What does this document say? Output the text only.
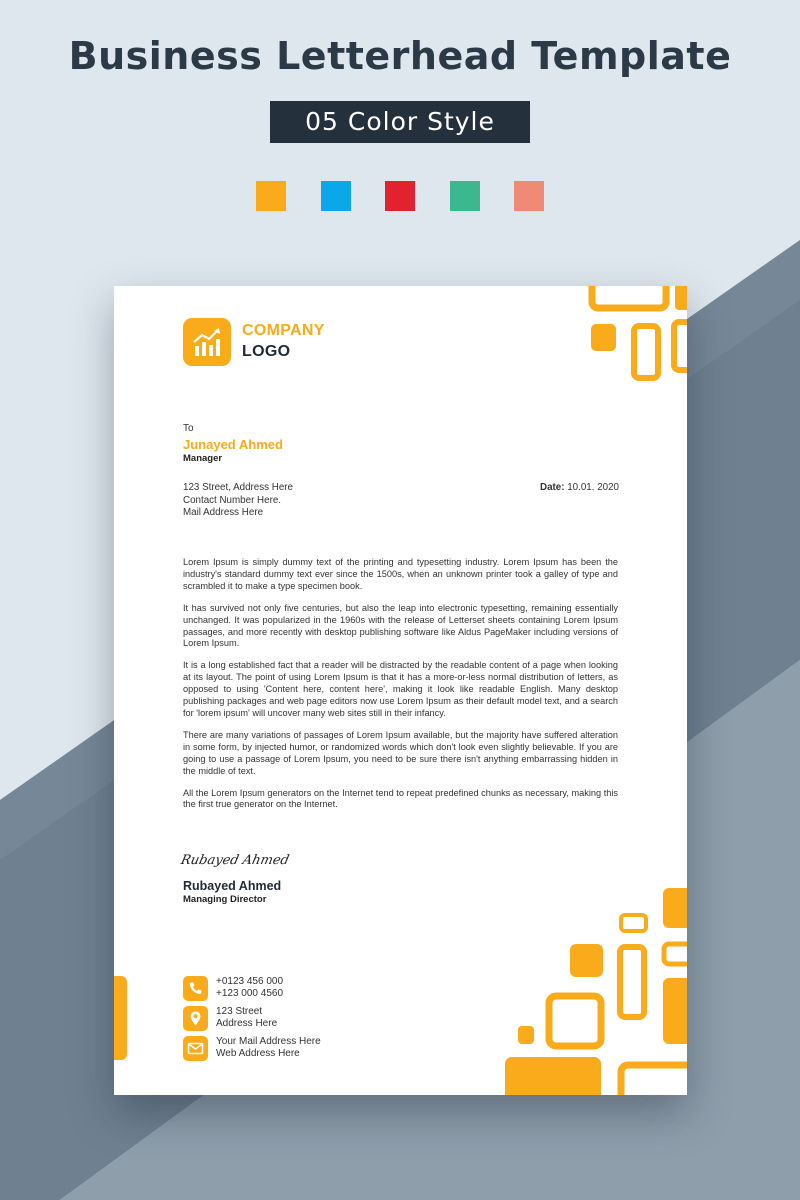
Business Letterhead Template
05 Color Style
COMPANY
LOGO
To
Junayed Ahmed
Manager
123 Street, Address Here
Contact Number Here.
Mail Address Here
Date: 10.01. 2020

Lorem Ipsum is simply dummy text of the printing and typesetting industry. Lorem Ipsum has been the industry's standard dummy text ever since the 1500s, when an unknown printer took a galley of type and scrambled it to make a type specimen book.

It has survived not only five centuries, but also the leap into electronic typesetting, remaining essentially unchanged. It was popularized in the 1960s with the release of Letterset sheets containing Lorem Ipsum passages, and more recently with desktop publishing software like Aldus PageMaker including versions of Lorem Ipsum.

It is a long established fact that a reader will be distracted by the readable content of a page when looking at its layout. The point of using Lorem Ipsum is that it has a more-or-less normal distribution of letters, as opposed to using 'Content here, content here', making it look like readable English. Many desktop publishing packages and web page editors now use Lorem Ipsum as their default model text, and a search for 'lorem ipsum' will uncover many web sites still in their infancy.

There are many variations of passages of Lorem Ipsum available, but the majority have suffered alteration in some form, by injected humor, or randomized words which don't look even slightly believable. If you are going to use a passage of Lorem Ipsum, you need to be sure there isn't anything embarrassing hidden in the middle of text.

All the Lorem Ipsum generators on the Internet tend to repeat predefined chunks as necessary, making this the first true generator on the Internet.

Rubayed Ahmed
Rubayed Ahmed
Managing Director
+0123 456 000
+123 000 4560
123 Street
Address Here
Your Mail Address Here
Web Address Here
